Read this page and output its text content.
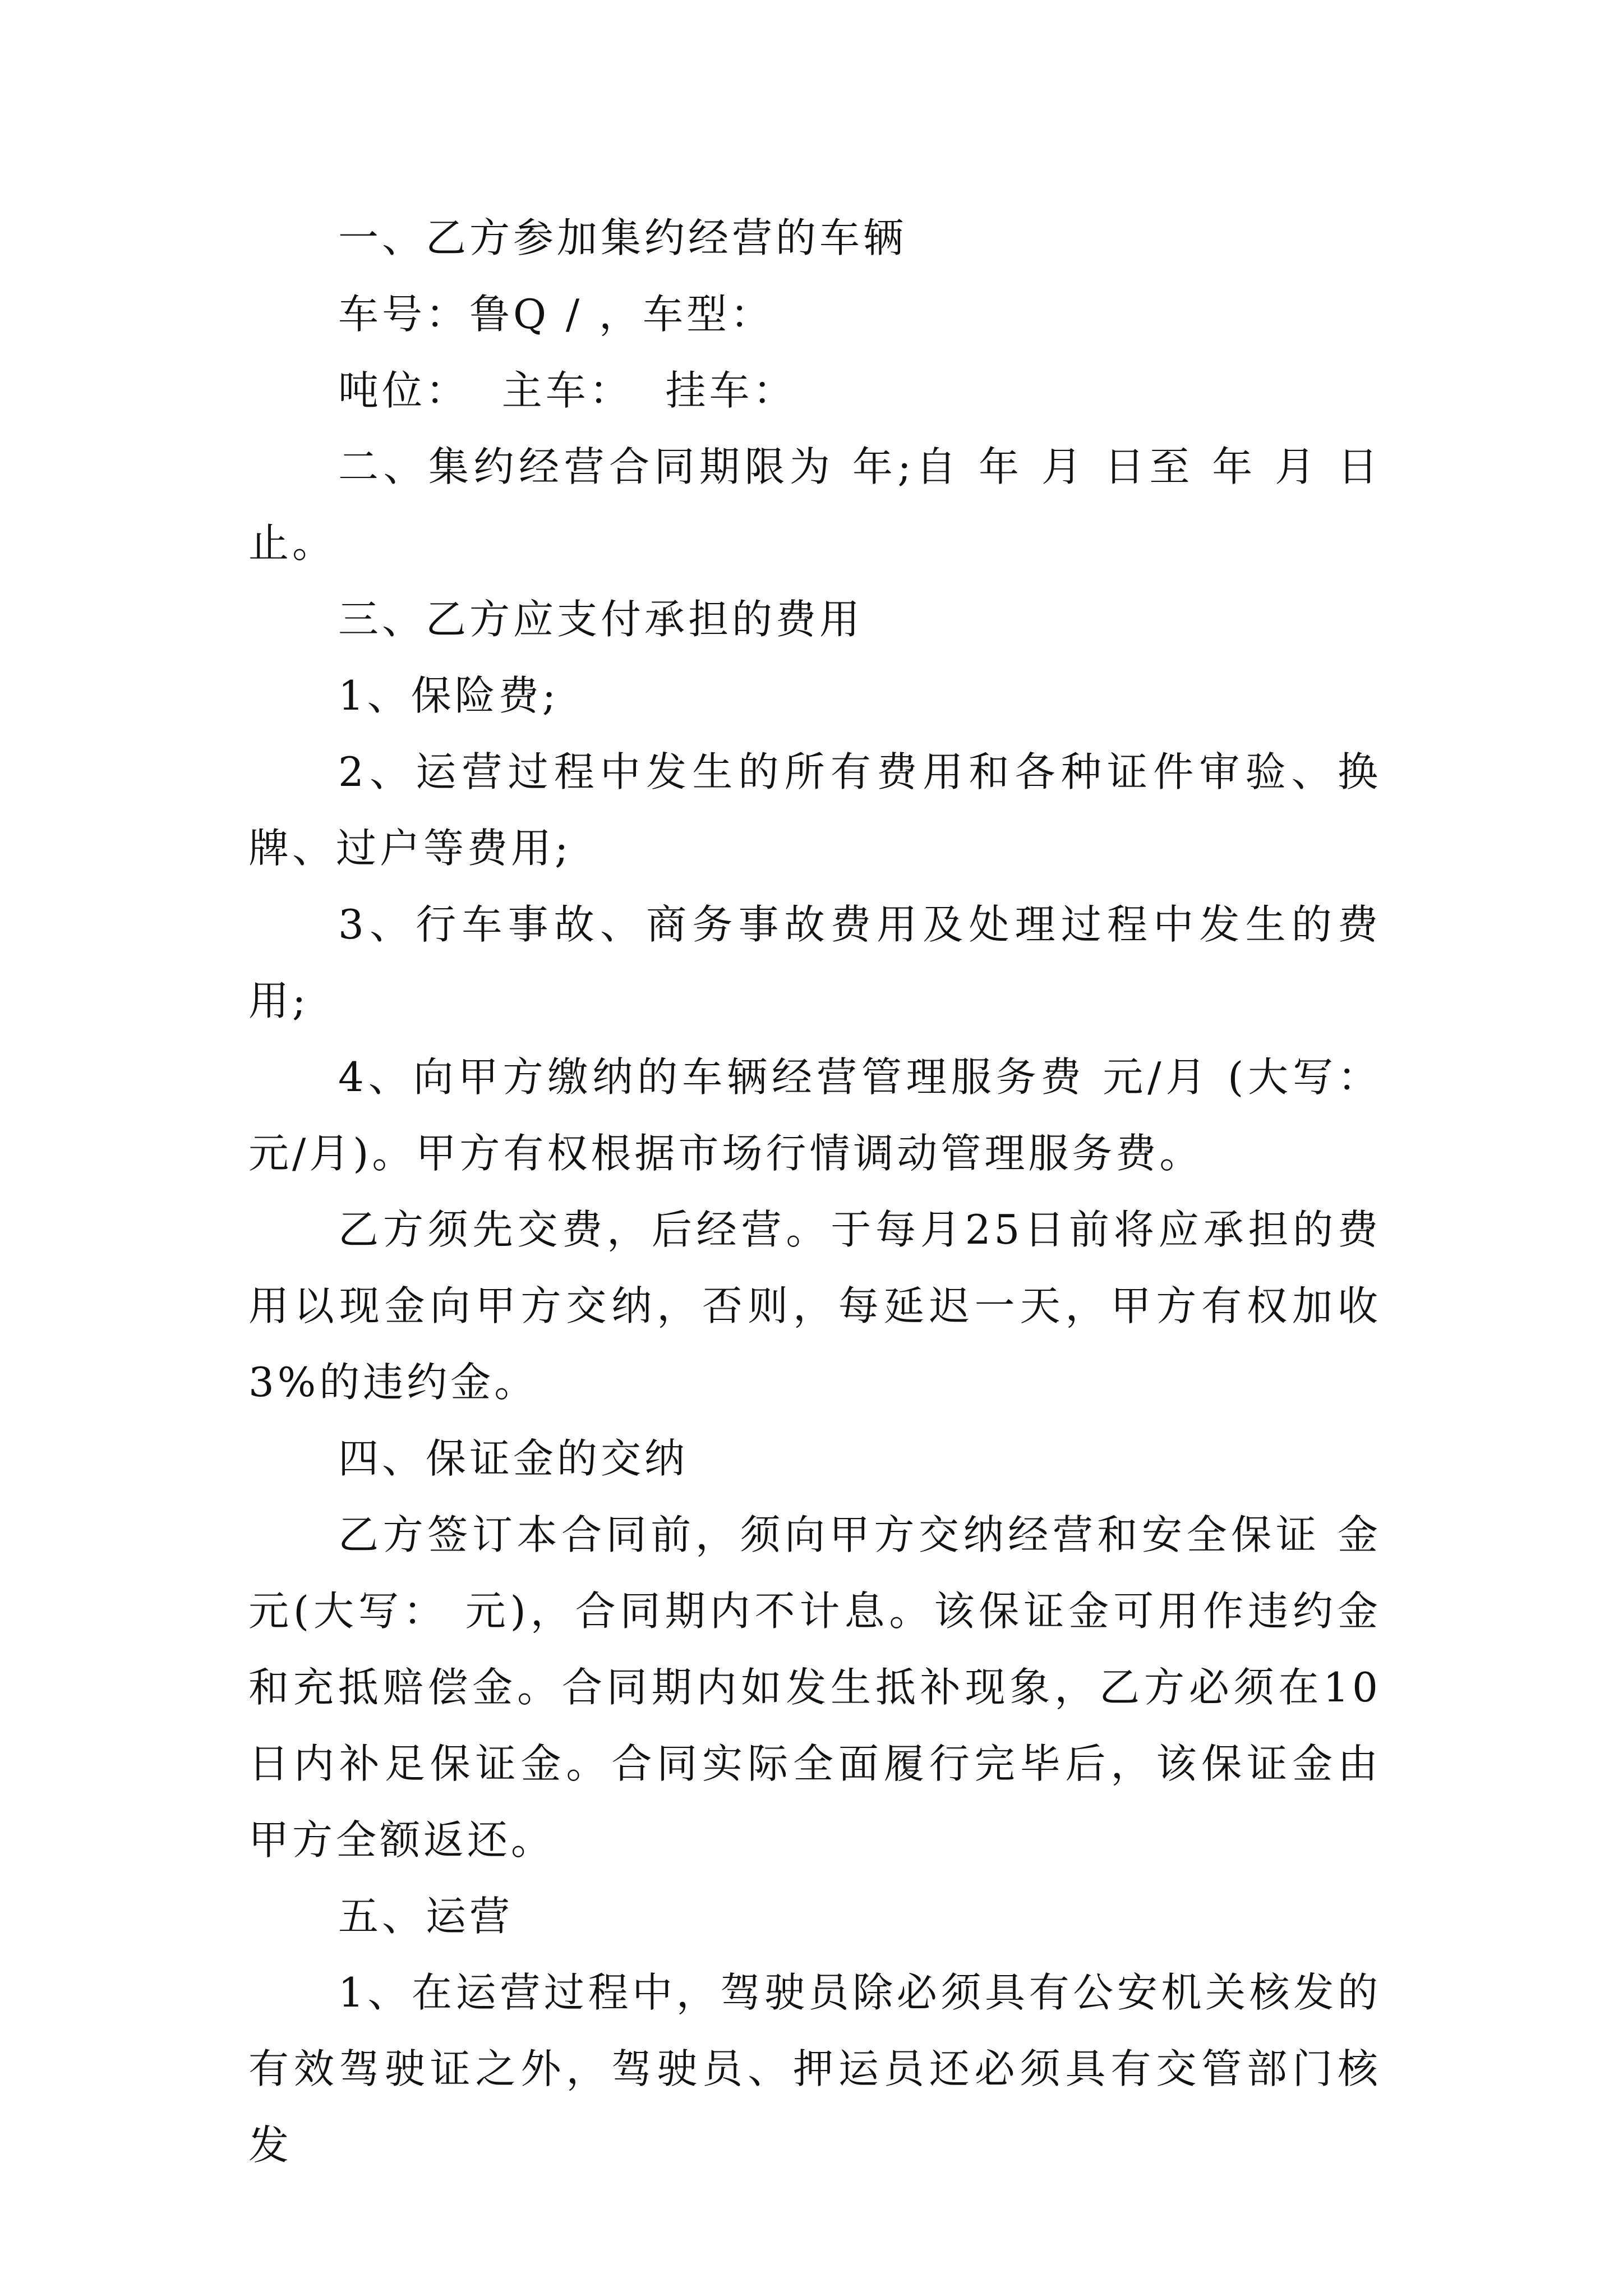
一、乙方参加集约经营的车辆

车号：鲁Q / ，车型：

吨位：  主车：  挂车：

二、集约经营合同期限为 年;自 年 月 日至 年 月 日止。

三、乙方应支付承担的费用

1、保险费;

2、运营过程中发生的所有费用和各种证件审验、换牌、过户等费用;

3、行车事故、商务事故费用及处理过程中发生的费用;

4、向甲方缴纳的车辆经营管理服务费 元/月 (大写： 元/月)。甲方有权根据市场行情调动管理服务费。

乙方须先交费，后经营。于每月25日前将应承担的费用以现金向甲方交纳，否则，每延迟一天，甲方有权加收3%的违约金。

四、保证金的交纳

乙方签订本合同前，须向甲方交纳经营和安全保证 金 元(大写： 元)，合同期内不计息。该保证金可用作违约金和充抵赔偿金。合同期内如发生抵补现象，乙方必须在10日内补足保证金。合同实际全面履行完毕后，该保证金由甲方全额返还。

五、运营

1、在运营过程中，驾驶员除必须具有公安机关核发的有效驾驶证之外，驾驶员、押运员还必须具有交管部门核发
